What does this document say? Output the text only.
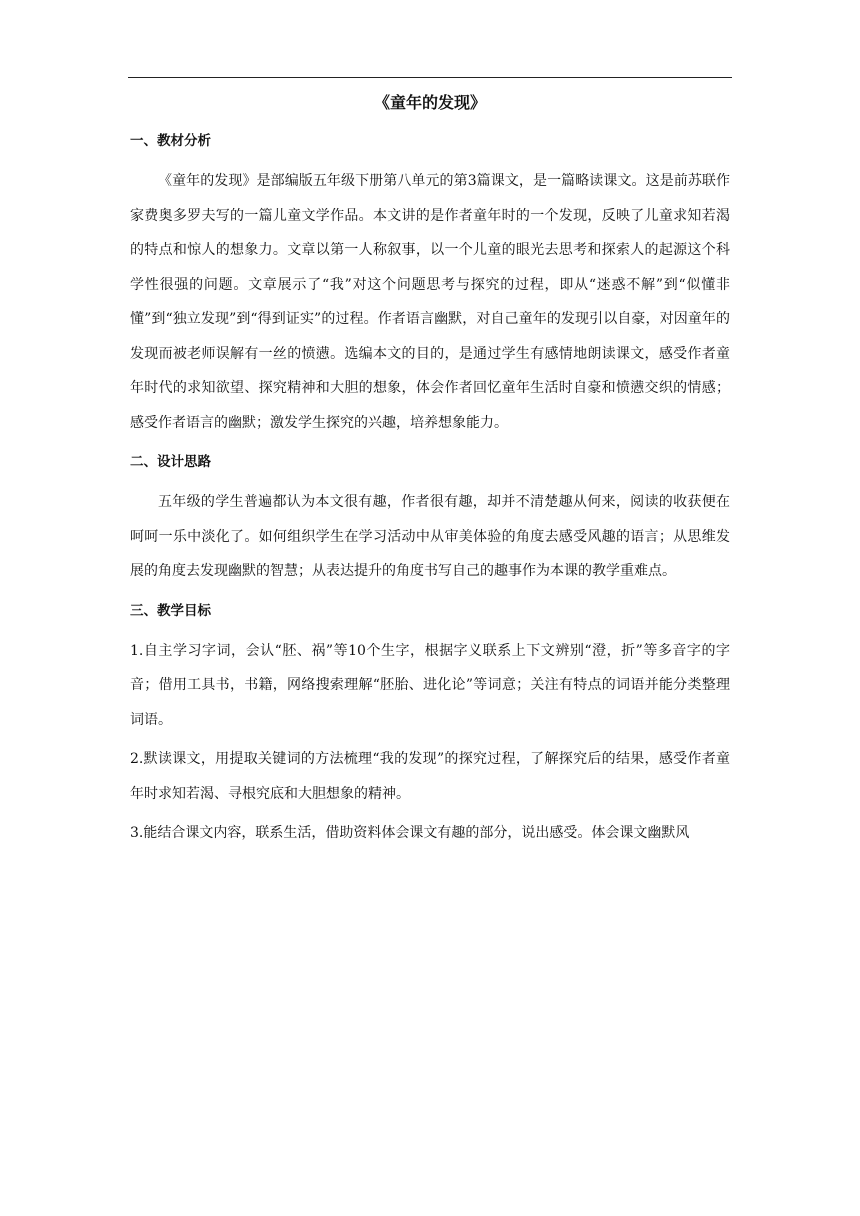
《童年的发现》
一、教材分析

《童年的发现》是部编版五年级下册第八单元的第3篇课文，是一篇略读课文。这是前苏联作家费奥多罗夫写的一篇儿童文学作品。本文讲的是作者童年时的一个发现，反映了儿童求知若渴的特点和惊人的想象力。文章以第一人称叙事，以一个儿童的眼光去思考和探索人的起源这个科学性很强的问题。文章展示了“我”对这个问题思考与探究的过程，即从“迷惑不解”到“似懂非懂”到“独立发现”到“得到证实”的过程。作者语言幽默，对自己童年的发现引以自豪，对因童年的发现而被老师误解有一丝的愤懑。选编本文的目的，是通过学生有感情地朗读课文，感受作者童年时代的求知欲望、探究精神和大胆的想象，体会作者回忆童年生活时自豪和愤懑交织的情感；感受作者语言的幽默；激发学生探究的兴趣，培养想象能力。

二、设计思路

五年级的学生普遍都认为本文很有趣，作者很有趣，却并不清楚趣从何来，阅读的收获便在呵呵一乐中淡化了。如何组织学生在学习活动中从审美体验的角度去感受风趣的语言；从思维发展的角度去发现幽默的智慧；从表达提升的角度书写自己的趣事作为本课的教学重难点。

三、教学目标

1.自主学习字词，会认“胚、祸”等10个生字，根据字义联系上下文辨别“澄，折”等多音字的字音；借用工具书，书籍，网络搜索理解“胚胎、进化论”等词意；关注有特点的词语并能分类整理词语。

2.默读课文，用提取关键词的方法梳理“我的发现”的探究过程，了解探究后的结果，感受作者童年时求知若渴、寻根究底和大胆想象的精神。

3.能结合课文内容，联系生活，借助资料体会课文有趣的部分，说出感受。体会课文幽默风
